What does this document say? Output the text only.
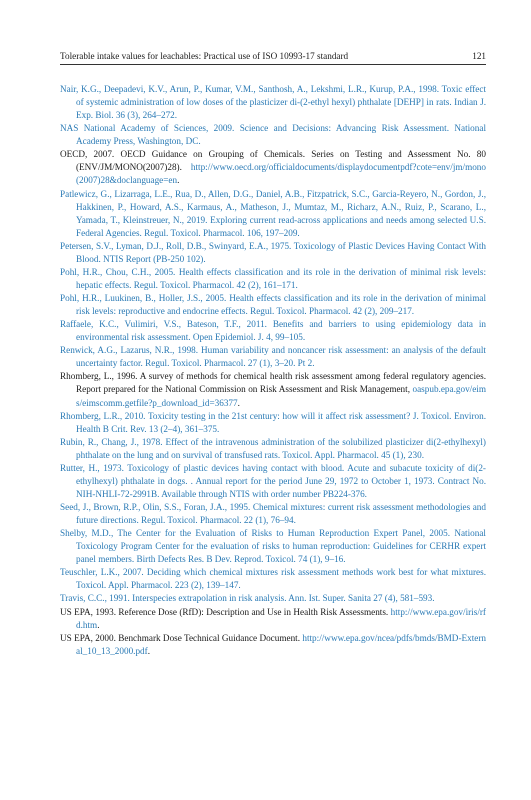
Tolerable intake values for leachables: Practical use of ISO 10993-17 standard	121

Nair, K.G., Deepadevi, K.V., Arun, P., Kumar, V.M., Santhosh, A., Lekshmi, L.R., Kurup, P.A., 1998. Toxic effect of systemic administration of low doses of the plasticizer di-(2-ethyl hexyl) phthalate [DEHP] in rats. Indian J. Exp. Biol. 36 (3), 264–272.

NAS National Academy of Sciences, 2009. Science and Decisions: Advancing Risk Assessment. National Academy Press, Washington, DC.

OECD, 2007. OECD Guidance on Grouping of Chemicals. Series on Testing and Assessment No. 80 (ENV/JM/MONO(2007)28). http://www.oecd.org/officialdocuments/displaydocumentpdf?cote=env/jm/mono(2007)28&doclanguage=en.

Patlewicz, G., Lizarraga, L.E., Rua, D., Allen, D.G., Daniel, A.B., Fitzpatrick, S.C., Garcia-Reyero, N., Gordon, J., Hakkinen, P., Howard, A.S., Karmaus, A., Matheson, J., Mumtaz, M., Richarz, A.N., Ruiz, P., Scarano, L., Yamada, T., Kleinstreuer, N., 2019. Exploring current read-across applications and needs among selected U.S. Federal Agencies. Regul. Toxicol. Pharmacol. 106, 197–209.

Petersen, S.V., Lyman, D.J., Roll, D.B., Swinyard, E.A., 1975. Toxicology of Plastic Devices Having Contact With Blood. NTIS Report (PB-250 102).

Pohl, H.R., Chou, C.H., 2005. Health effects classification and its role in the derivation of minimal risk levels: hepatic effects. Regul. Toxicol. Pharmacol. 42 (2), 161–171.

Pohl, H.R., Luukinen, B., Holler, J.S., 2005. Health effects classification and its role in the derivation of minimal risk levels: reproductive and endocrine effects. Regul. Toxicol. Pharmacol. 42 (2), 209–217.

Raffaele, K.C., Vulimiri, V.S., Bateson, T.F., 2011. Benefits and barriers to using epidemiology data in environmental risk assessment. Open Epidemiol. J. 4, 99–105.

Renwick, A.G., Lazarus, N.R., 1998. Human variability and noncancer risk assessment: an analysis of the default uncertainty factor. Regul. Toxicol. Pharmacol. 27 (1), 3–20. Pt 2.

Rhomberg, L., 1996. A survey of methods for chemical health risk assessment among federal regulatory agencies. Report prepared for the National Commission on Risk Assessment and Risk Management, oaspub.epa.gov/eims/eimscomm.getfile?p_download_id=36377.

Rhomberg, L.R., 2010. Toxicity testing in the 21st century: how will it affect risk assessment? J. Toxicol. Environ. Health B Crit. Rev. 13 (2–4), 361–375.

Rubin, R., Chang, J., 1978. Effect of the intravenous administration of the solubilized plasticizer di(2-ethylhexyl) phthalate on the lung and on survival of transfused rats. Toxicol. Appl. Pharmacol. 45 (1), 230.

Rutter, H., 1973. Toxicology of plastic devices having contact with blood. Acute and subacute toxicity of di(2-ethylhexyl) phthalate in dogs. . Annual report for the period June 29, 1972 to October 1, 1973. Contract No. NIH-NHLI-72-2991B. Available through NTIS with order number PB224-376.

Seed, J., Brown, R.P., Olin, S.S., Foran, J.A., 1995. Chemical mixtures: current risk assessment methodologies and future directions. Regul. Toxicol. Pharmacol. 22 (1), 76–94.

Shelby, M.D., The Center for the Evaluation of Risks to Human Reproduction Expert Panel, 2005. National Toxicology Program Center for the evaluation of risks to human reproduction: Guidelines for CERHR expert panel members. Birth Defects Res. B Dev. Reprod. Toxicol. 74 (1), 9–16.

Teuschler, L.K., 2007. Deciding which chemical mixtures risk assessment methods work best for what mixtures. Toxicol. Appl. Pharmacol. 223 (2), 139–147.

Travis, C.C., 1991. Interspecies extrapolation in risk analysis. Ann. Ist. Super. Sanita 27 (4), 581–593.

US EPA, 1993. Reference Dose (RfD): Description and Use in Health Risk Assessments. http://www.epa.gov/iris/rfd.htm.

US EPA, 2000. Benchmark Dose Technical Guidance Document. http://www.epa.gov/ncea/pdfs/bmds/BMD-External_10_13_2000.pdf.
